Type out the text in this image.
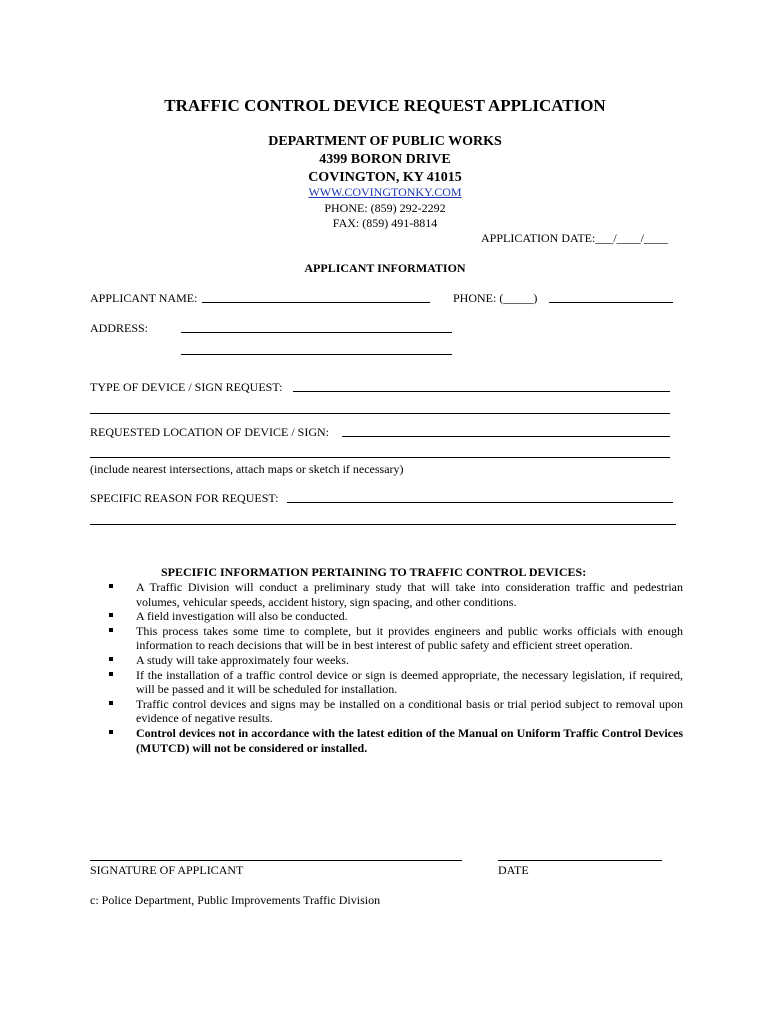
TRAFFIC CONTROL DEVICE REQUEST APPLICATION
DEPARTMENT OF PUBLIC WORKS
4399 BORON DRIVE
COVINGTON, KY 41015
WWW.COVINGTONKY.COM
PHONE: (859) 292-2292
FAX: (859) 491-8814
APPLICATION DATE:___/____/____
APPLICANT INFORMATION
APPLICANT NAME:	PHONE: (_____)
ADDRESS:
TYPE OF DEVICE / SIGN REQUEST:
REQUESTED LOCATION OF DEVICE / SIGN:
(include nearest intersections, attach maps or sketch if necessary)
SPECIFIC REASON FOR REQUEST:
SPECIFIC INFORMATION PERTAINING TO TRAFFIC CONTROL DEVICES:
A Traffic Division will conduct a preliminary study that will take into consideration traffic and pedestrian volumes, vehicular speeds, accident history, sign spacing, and other conditions.
A field investigation will also be conducted.
This process takes some time to complete, but it provides engineers and public works officials with enough information to reach decisions that will be in best interest of public safety and efficient street operation.
A study will take approximately four weeks.
If the installation of a traffic control device or sign is deemed appropriate, the necessary legislation, if required, will be passed and it will be scheduled for installation.
Traffic control devices and signs may be installed on a conditional basis or trial period subject to removal upon evidence of negative results.
Control devices not in accordance with the latest edition of the Manual on Uniform Traffic Control Devices (MUTCD) will not be considered or installed.
SIGNATURE OF APPLICANT	DATE
c: Police Department, Public Improvements Traffic Division
